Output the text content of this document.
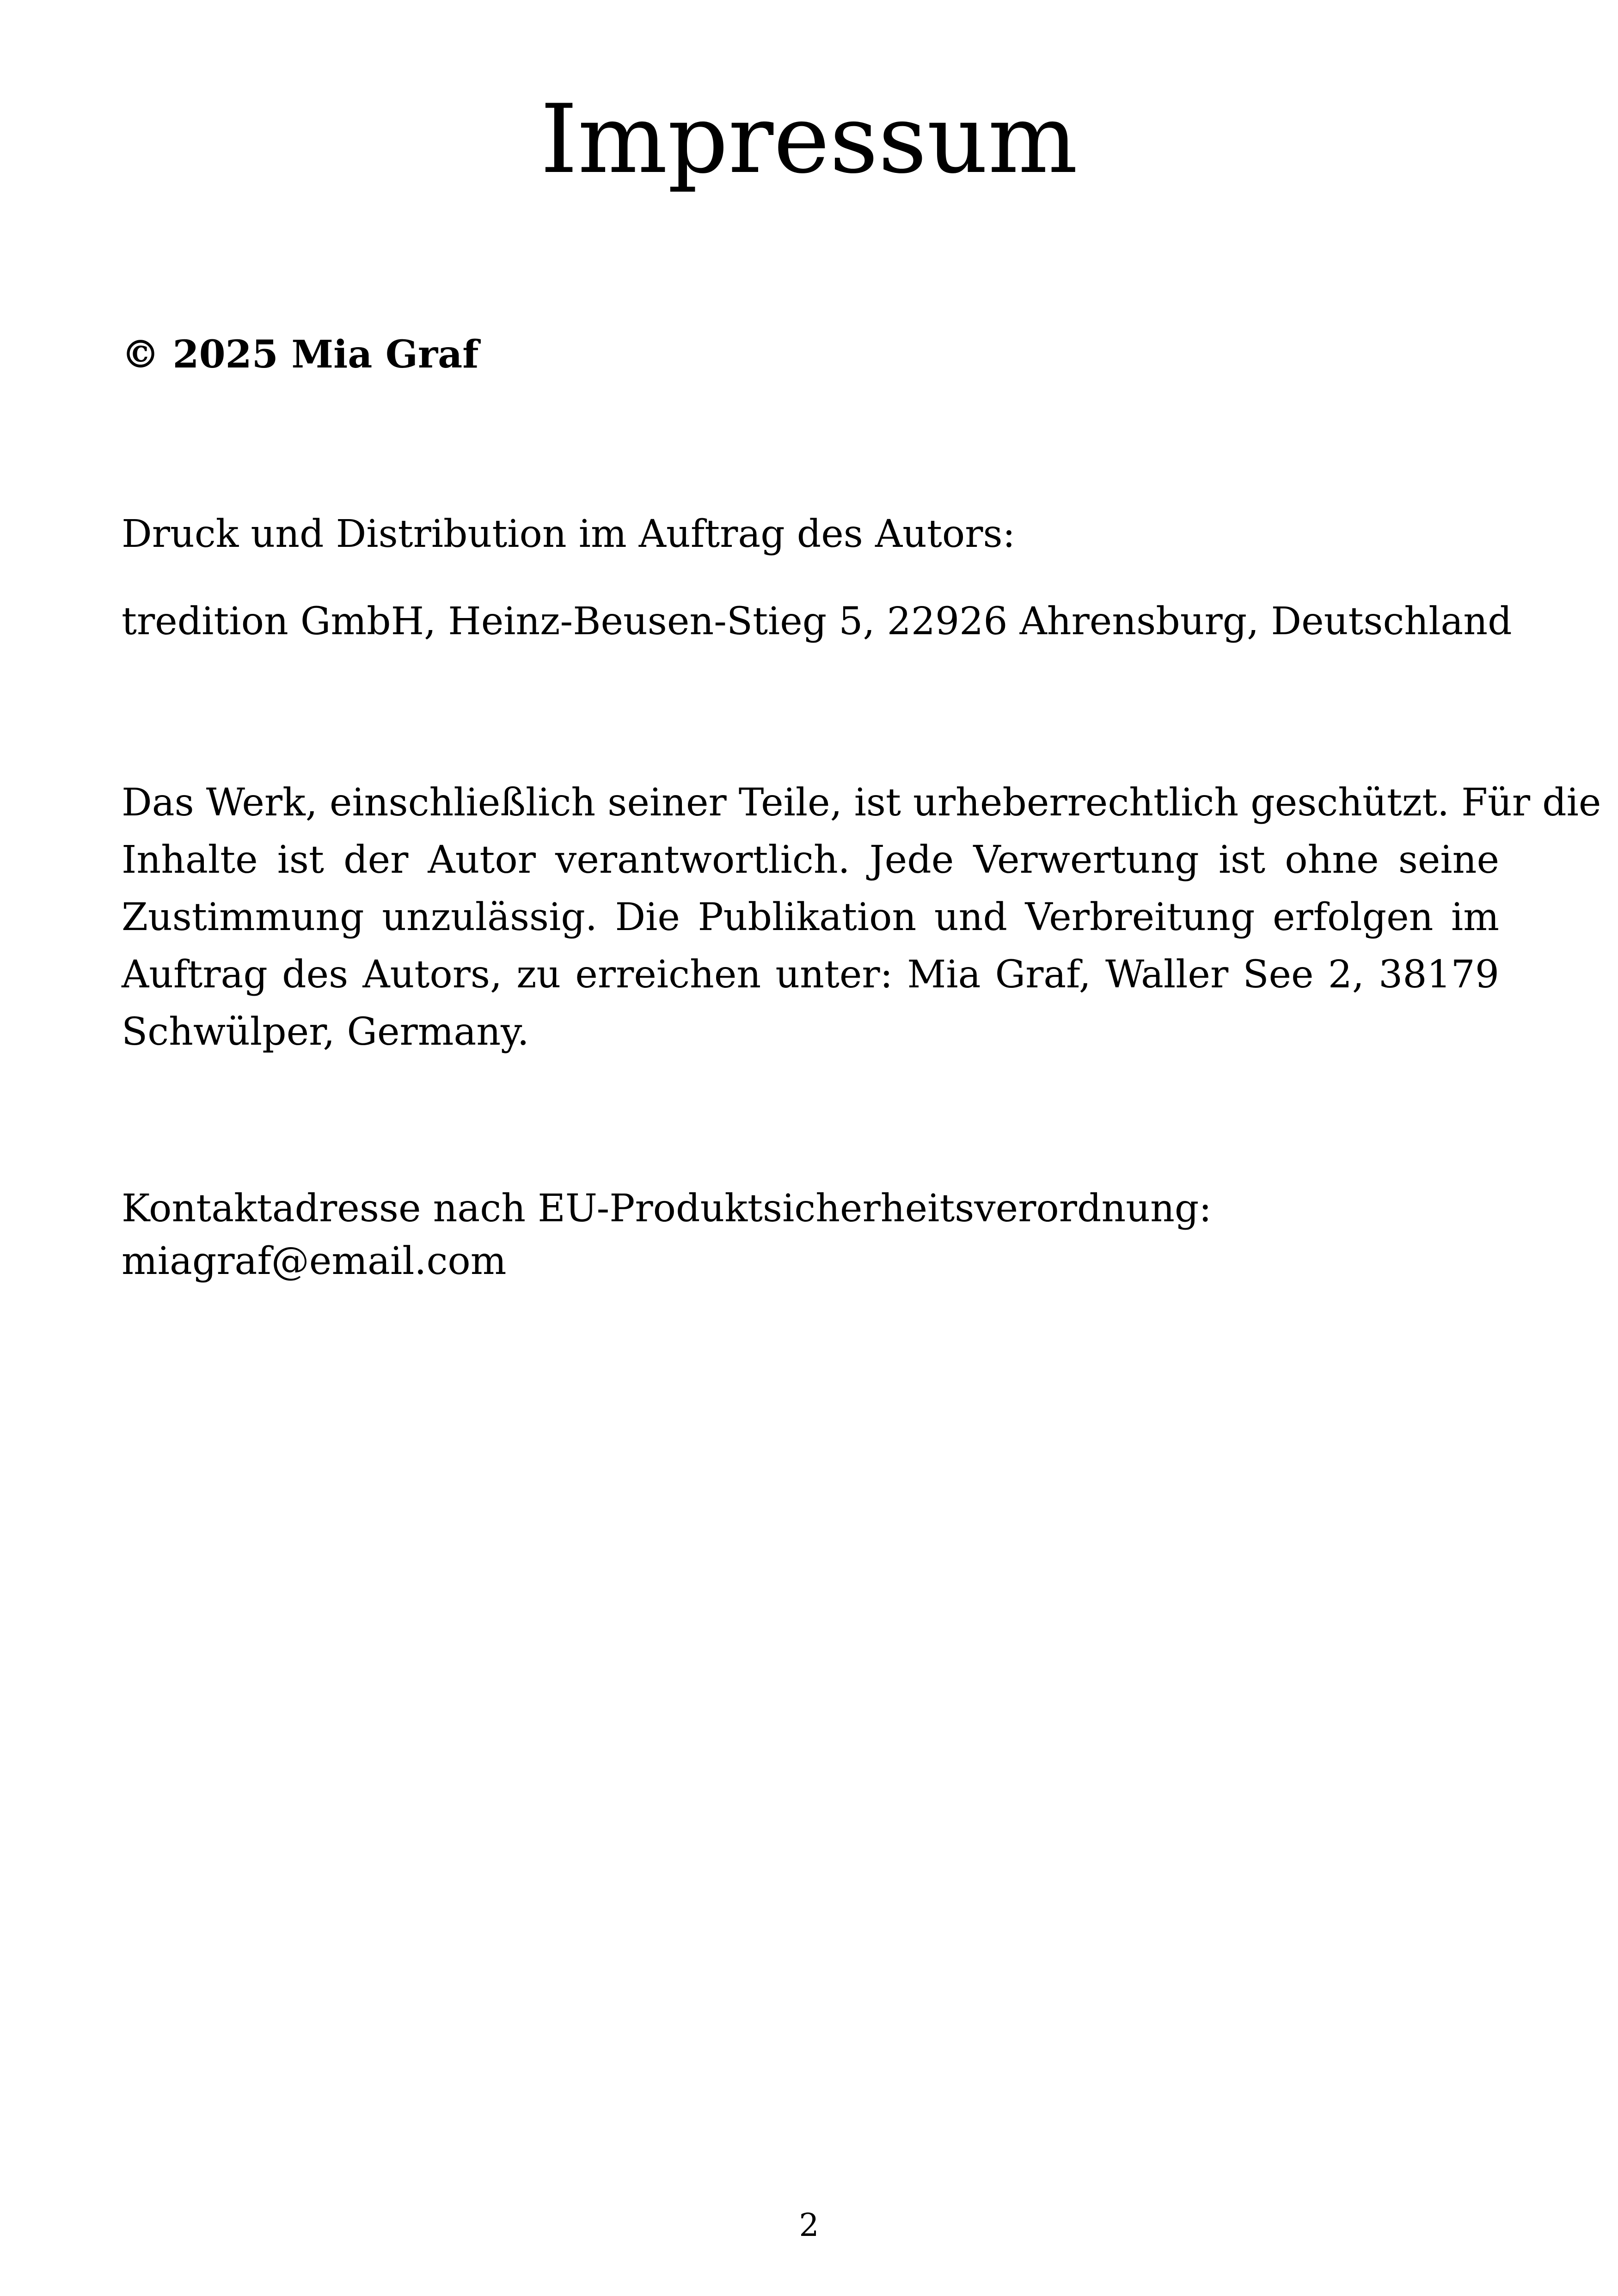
Impressum

© 2025 Mia Graf

Druck und Distribution im Auftrag des Autors:

tredition GmbH, Heinz-Beusen-Stieg 5, 22926 Ahrensburg, Deutschland

Das Werk, einschließlich seiner Teile, ist urheberrechtlich geschützt. Für die
Inhalte ist der Autor verantwortlich. Jede Verwertung ist ohne seine
Zustimmung unzulässig. Die Publikation und Verbreitung erfolgen im
Auftrag des Autors, zu erreichen unter: Mia Graf, Waller See 2, 38179
Schwülper, Germany.

Kontaktadresse nach EU-Produktsicherheitsverordnung:

miagraf@email.com

2
